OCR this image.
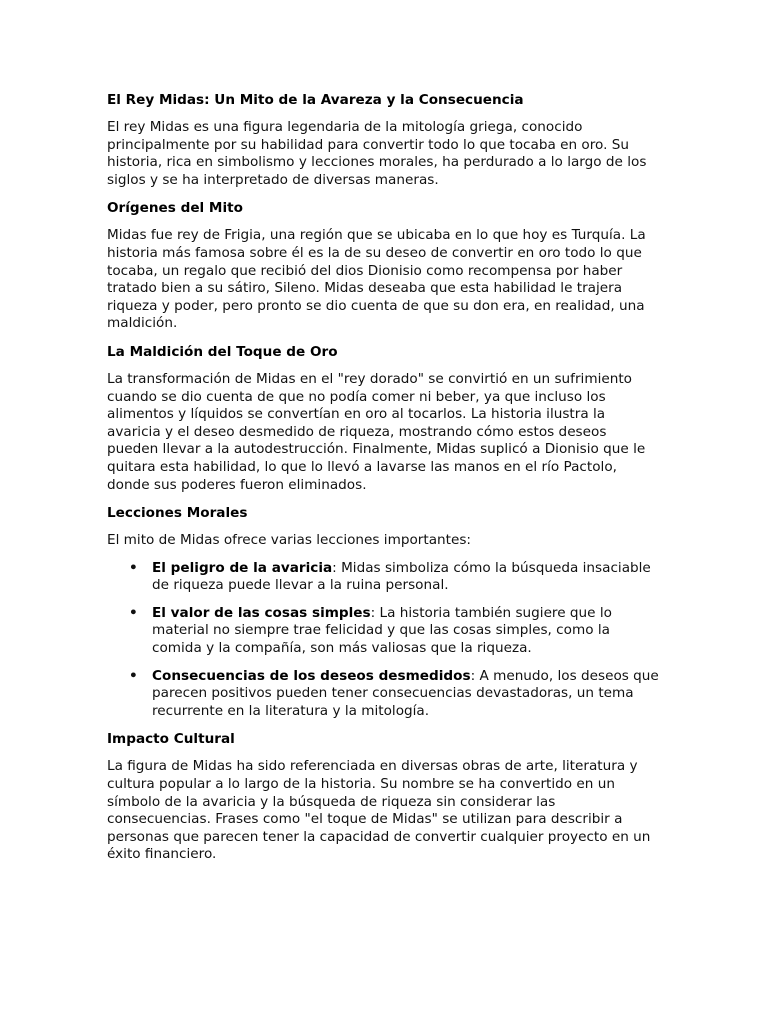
El Rey Midas: Un Mito de la Avareza y la Consecuencia

El rey Midas es una figura legendaria de la mitología griega, conocido principalmente por su habilidad para convertir todo lo que tocaba en oro. Su historia, rica en simbolismo y lecciones morales, ha perdurado a lo largo de los siglos y se ha interpretado de diversas maneras.

Orígenes del Mito

Midas fue rey de Frigia, una región que se ubicaba en lo que hoy es Turquía. La historia más famosa sobre él es la de su deseo de convertir en oro todo lo que tocaba, un regalo que recibió del dios Dionisio como recompensa por haber tratado bien a su sátiro, Sileno. Midas deseaba que esta habilidad le trajera riqueza y poder, pero pronto se dio cuenta de que su don era, en realidad, una maldición.

La Maldición del Toque de Oro

La transformación de Midas en el "rey dorado" se convirtió en un sufrimiento cuando se dio cuenta de que no podía comer ni beber, ya que incluso los alimentos y líquidos se convertían en oro al tocarlos. La historia ilustra la avaricia y el deseo desmedido de riqueza, mostrando cómo estos deseos pueden llevar a la autodestrucción. Finalmente, Midas suplicó a Dionisio que le quitara esta habilidad, lo que lo llevó a lavarse las manos en el río Pactolo, donde sus poderes fueron eliminados.

Lecciones Morales

El mito de Midas ofrece varias lecciones importantes:

• El peligro de la avaricia: Midas simboliza cómo la búsqueda insaciable de riqueza puede llevar a la ruina personal.
• El valor de las cosas simples: La historia también sugiere que lo material no siempre trae felicidad y que las cosas simples, como la comida y la compañía, son más valiosas que la riqueza.
• Consecuencias de los deseos desmedidos: A menudo, los deseos que parecen positivos pueden tener consecuencias devastadoras, un tema recurrente en la literatura y la mitología.
Impacto Cultural

La figura de Midas ha sido referenciada en diversas obras de arte, literatura y cultura popular a lo largo de la historia. Su nombre se ha convertido en un símbolo de la avaricia y la búsqueda de riqueza sin considerar las consecuencias. Frases como "el toque de Midas" se utilizan para describir a personas que parecen tener la capacidad de convertir cualquier proyecto en un éxito financiero.
